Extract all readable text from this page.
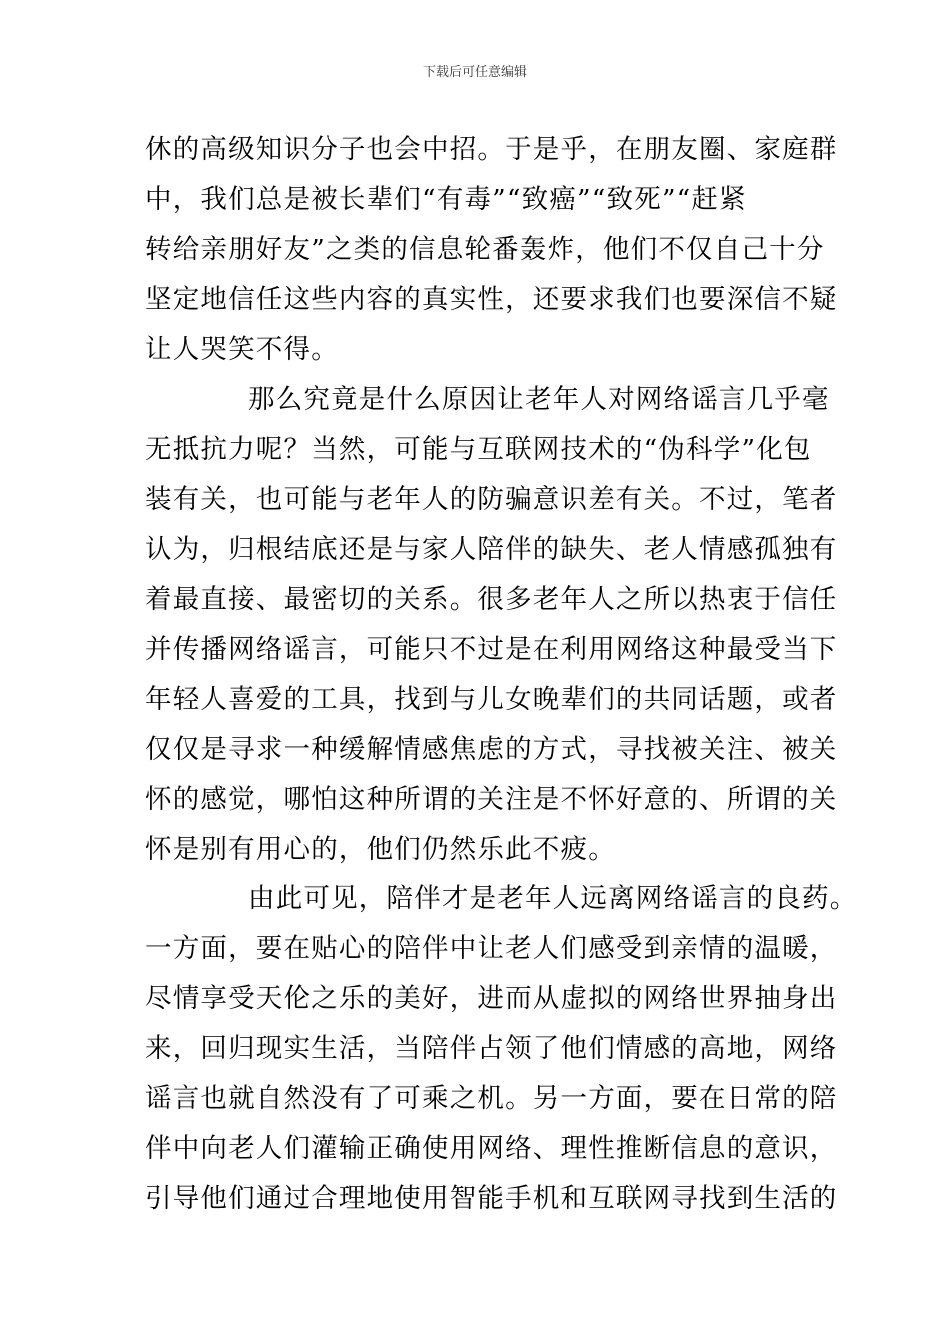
下载后可任意编辑
休的高级知识分子也会中招。于是乎，在朋友圈、家庭群
中，我们总是被长辈们“有毒”“致癌”“致死”“赶紧
转给亲朋好友”之类的信息轮番轰炸，他们不仅自己十分
坚定地信任这些内容的真实性，还要求我们也要深信不疑
让人哭笑不得。
那么究竟是什么原因让老年人对网络谣言几乎毫
无抵抗力呢？当然，可能与互联网技术的“伪科学”化包
装有关，也可能与老年人的防骗意识差有关。不过，笔者
认为，归根结底还是与家人陪伴的缺失、老人情感孤独有
着最直接、最密切的关系。很多老年人之所以热衷于信任
并传播网络谣言，可能只不过是在利用网络这种最受当下
年轻人喜爱的工具，找到与儿女晚辈们的共同话题，或者
仅仅是寻求一种缓解情感焦虑的方式，寻找被关注、被关
怀的感觉，哪怕这种所谓的关注是不怀好意的、所谓的关
怀是别有用心的，他们仍然乐此不疲。
由此可见，陪伴才是老年人远离网络谣言的良药。
一方面，要在贴心的陪伴中让老人们感受到亲情的温暖，
尽情享受天伦之乐的美好，进而从虚拟的网络世界抽身出
来，回归现实生活，当陪伴占领了他们情感的高地，网络
谣言也就自然没有了可乘之机。另一方面，要在日常的陪
伴中向老人们灌输正确使用网络、理性推断信息的意识，
引导他们通过合理地使用智能手机和互联网寻找到生活的
